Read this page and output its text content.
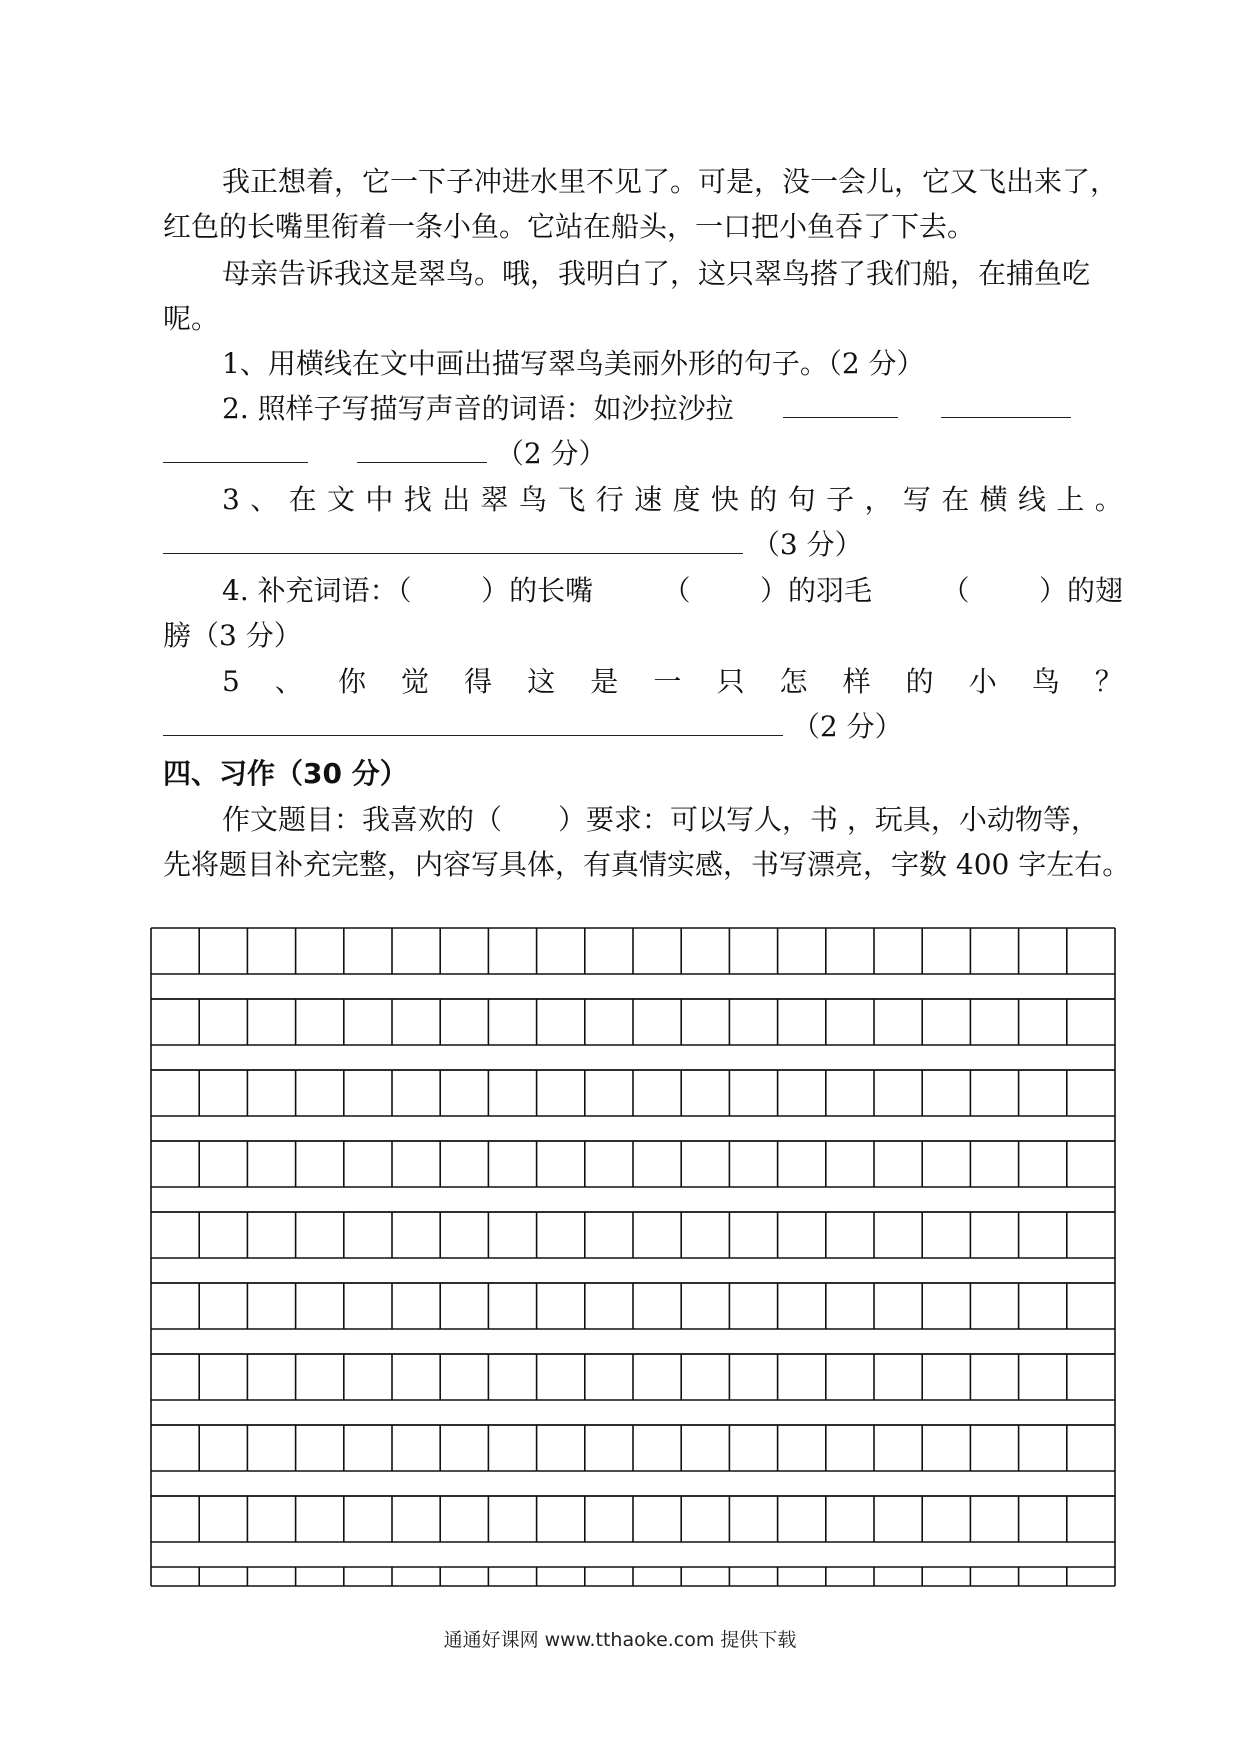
我正想着，它一下子冲进水里不见了。可是，没一会儿，它又飞出来了，
红色的长嘴里衔着一条小鱼。它站在船头，一口把小鱼吞了下去。
母亲告诉我这是翠鸟。哦，我明白了，这只翠鸟搭了我们船，在捕鱼吃
呢。
1、用横线在文中画出描写翠鸟美丽外形的句子。（2 分）
2. 照样子写描写声音的词语：如沙拉沙拉
（2 分）
3 、 在 文 中 找 出 翠 鸟 飞 行 速 度 快 的 句 子 ， 写 在 横 线 上 。
（3 分）
4. 补充词语：（ ）的长嘴 （ ）的羽毛 （ ）的翅
膀（3 分）
5 、 你 觉 得 这 是 一 只 怎 样 的 小 鸟 ？
（2 分）
四、习作（30 分）
作文题目：我喜欢的（　　）要求：可以写人，书 ，玩具，小动物等，
先将题目补充完整，内容写具体，有真情实感，书写漂亮，字数 400 字左右。
通通好课网 www.tthaoke.com 提供下载
